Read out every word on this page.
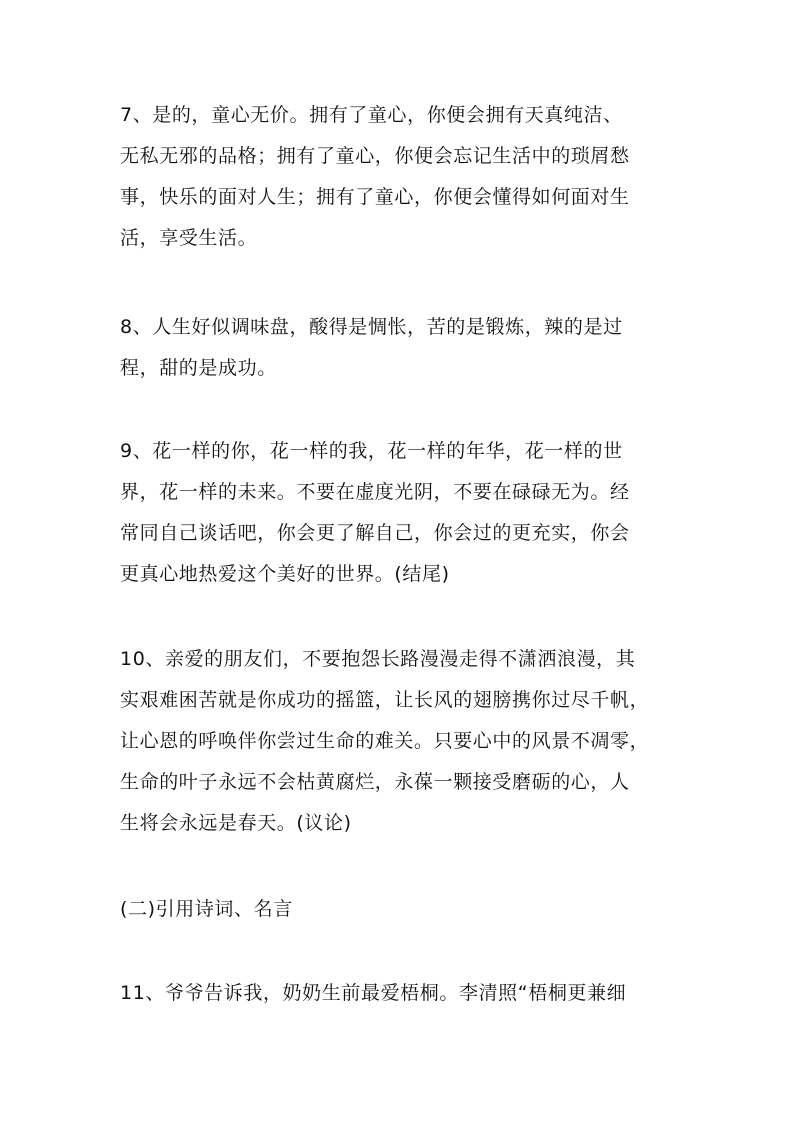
7、是的，童心无价。拥有了童心，你便会拥有天真纯洁、
无私无邪的品格；拥有了童心，你便会忘记生活中的琐屑愁
事，快乐的面对人生；拥有了童心，你便会懂得如何面对生
活，享受生活。

8、人生好似调味盘，酸得是惆怅，苦的是锻炼，辣的是过
程，甜的是成功。

9、花一样的你，花一样的我，花一样的年华，花一样的世
界，花一样的未来。不要在虚度光阴，不要在碌碌无为。经
常同自己谈话吧，你会更了解自己，你会过的更充实，你会
更真心地热爱这个美好的世界。(结尾)

10、亲爱的朋友们，不要抱怨长路漫漫走得不潇洒浪漫，其
实艰难困苦就是你成功的摇篮，让长风的翅膀携你过尽千帆，
让心恩的呼唤伴你尝过生命的难关。只要心中的风景不凋零，
生命的叶子永远不会枯黄腐烂，永葆一颗接受磨砺的心，人
生将会永远是春天。(议论)

(二)引用诗词、名言

11、爷爷告诉我，奶奶生前最爱梧桐。李清照“梧桐更兼细
